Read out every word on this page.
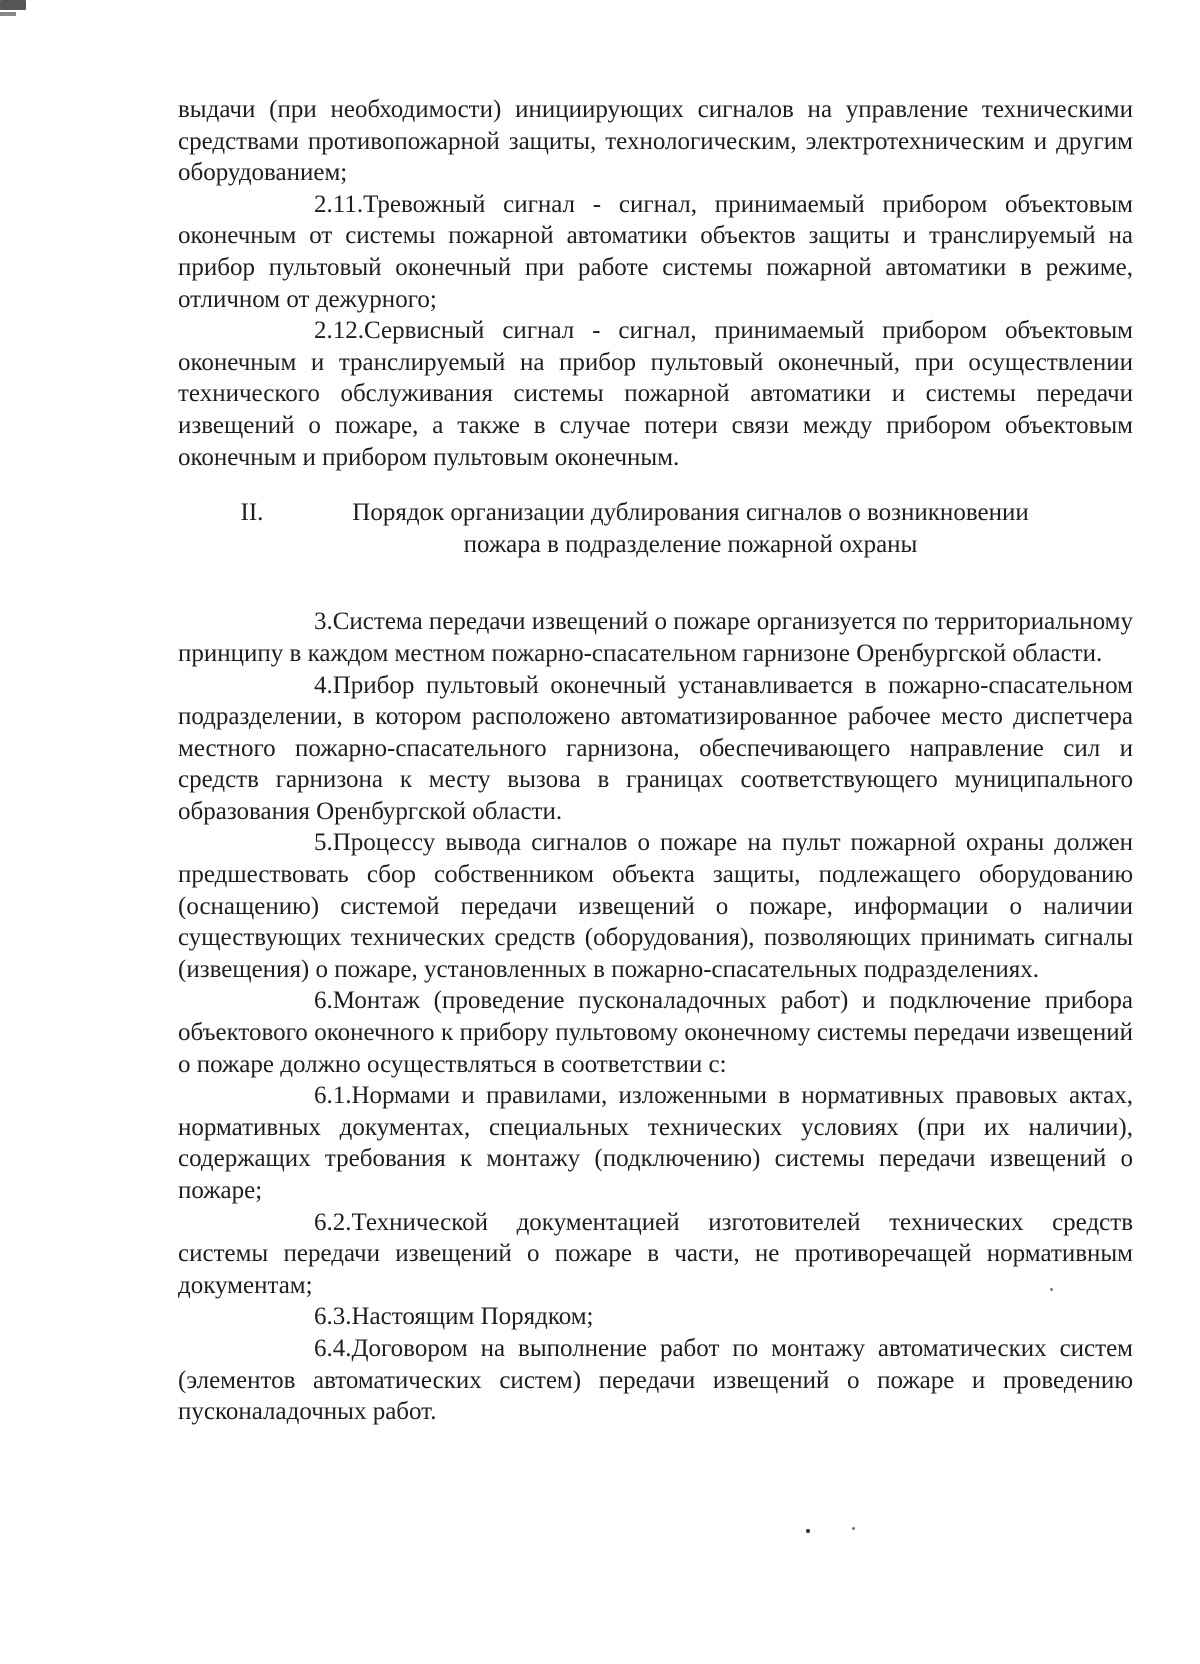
выдачи (при необходимости) инициирующих сигналов на управление техническими средствами противопожарной защиты, технологическим, электротехническим и другим оборудованием;

2.11.Тревожный сигнал - сигнал, принимаемый прибором объектовым оконечным от системы пожарной автоматики объектов защиты и транслируемый на прибор пультовый оконечный при работе системы пожарной автоматики в режиме, отличном от дежурного;

2.12.Сервисный сигнал - сигнал, принимаемый прибором объектовым оконечным и транслируемый на прибор пультовый оконечный, при осуществлении технического обслуживания системы пожарной автоматики и системы передачи извещений о пожаре, а также в случае потери связи между прибором объектовым оконечным и прибором пультовым оконечным.

II.	Порядок организации дублирования сигналов о возникновении
пожара в подразделение пожарной охраны

3.Система передачи извещений о пожаре организуется по территориальному принципу в каждом местном пожарно-спасательном гарнизоне Оренбургской области.

4.Прибор пультовый оконечный устанавливается в пожарно-спасательном подразделении, в котором расположено автоматизированное рабочее место диспетчера местного пожарно-спасательного гарнизона, обеспечивающего направление сил и средств гарнизона к месту вызова в границах соответствующего муниципального образования Оренбургской области.

5.Процессу вывода сигналов о пожаре на пульт пожарной охраны должен предшествовать сбор собственником объекта защиты, подлежащего оборудованию (оснащению) системой передачи извещений о пожаре, информации о наличии существующих технических средств (оборудования), позволяющих принимать сигналы (извещения) о пожаре, установленных в пожарно-спасательных подразделениях.

6.Монтаж (проведение пусконаладочных работ) и подключение прибора объектового оконечного к прибору пультовому оконечному системы передачи извещений о пожаре должно осуществляться в соответствии с:

6.1.Нормами и правилами, изложенными в нормативных правовых актах, нормативных документах, специальных технических условиях (при их наличии), содержащих требования к монтажу (подключению) системы передачи извещений о пожаре;

6.2.Технической документацией изготовителей технических средств системы передачи извещений о пожаре в части, не противоречащей нормативным документам;

6.3.Настоящим Порядком;

6.4.Договором на выполнение работ по монтажу автоматических систем (элементов автоматических систем) передачи извещений о пожаре и проведению пусконаладочных работ.
